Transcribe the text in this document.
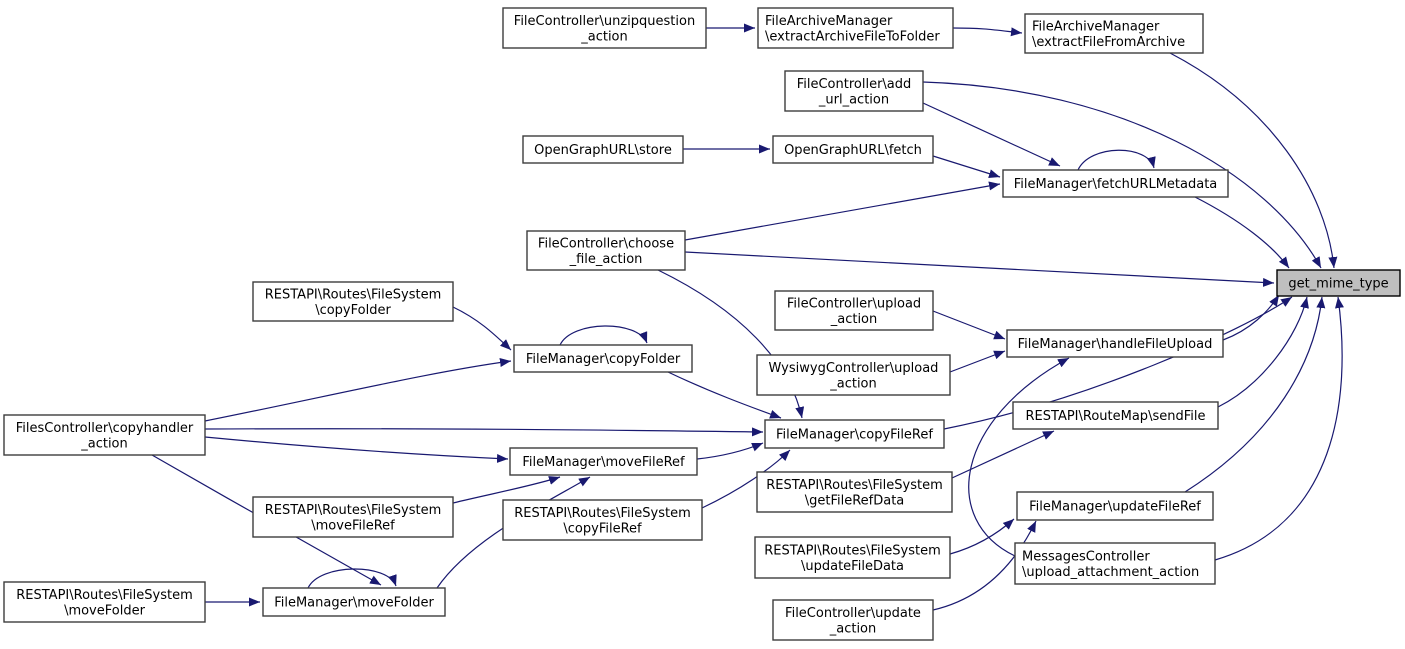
FileController\unzipquestion _action
FileArchiveManager \extractArchiveFileToFolder
FileArchiveManager \extractFileFromArchive
FileController\add _url_action
OpenGraphURL\store	OpenGraphURL\fetch
FileManager\fetchURLMetadata
FileController\choose _file_action
RESTAPI\Routes\FileSystem \copyFolder
FileManager\copyFolder
FileController\upload _action
WysiwygController\upload _action
FileManager\handleFileUpload
FilesController\copyhandler _action
FileManager\copyFileRef
RESTAPI\RouteMap\sendFile
FileManager\moveFileRef
RESTAPI\Routes\FileSystem \moveFileRef
RESTAPI\Routes\FileSystem \copyFileRef
RESTAPI\Routes\FileSystem \getFileRefData	FileManager\updateFileRef
RESTAPI\Routes\FileSystem \updateFileData
MessagesController \upload_attachment_action
FileController\update _action
RESTAPI\Routes\FileSystem \moveFolder
FileManager\moveFolder
get_mime_type
